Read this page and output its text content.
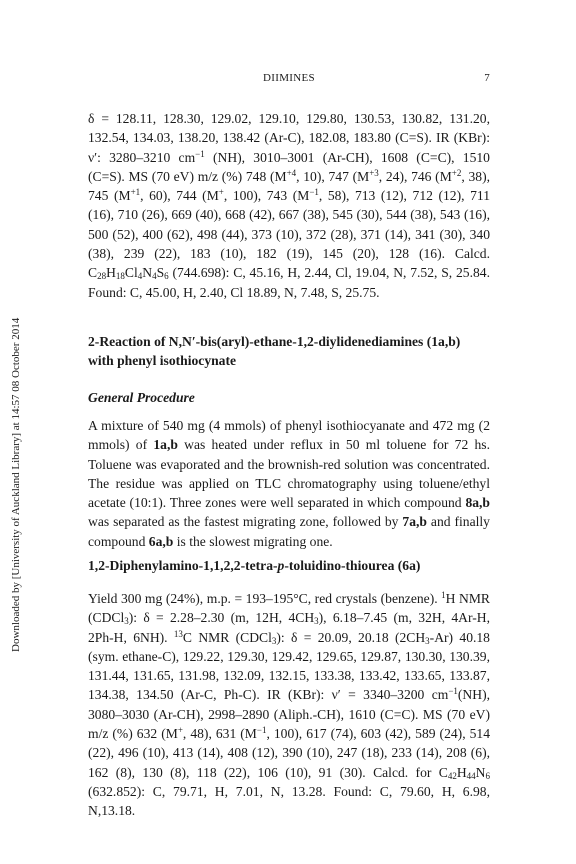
DIIMINES	7
Downloaded by [University of Auckland Library] at 14:57 08 October 2014

δ = 128.11, 128.30, 129.02, 129.10, 129.80, 130.53, 130.82, 131.20, 132.54, 134.03, 138.20, 138.42 (Ar-C), 182.08, 183.80 (C=S). IR (KBr): ν′: 3280–3210 $cm^{-1}$ (NH), 3010–3001 (Ar-CH), 1608 (C=C), 1510 (C=S). MS (70 eV) m/z (%) 748 ($M^{+4}$, 10), 747 ($M^{+3}$, 24), 746 ($M^{+2}$, 38), 745 ($M^{+1}$, 60), 744 (M+, 100), 743 ($M^{-1}$, 58), 713 (12), 712 (12), 711 (16), 710 (26), 669 (40), 668 (42), 667 (38), 545 (30), 544 (38), 543 (16), 500 (52), 400 (62), 498 (44), 373 (10), 372 (28), 371 (14), 341 (30), 340 (38), 239 (22), 183 (10), 182 (19), 145 (20), 128 (16). Calcd. $C_{28}H_{18}Cl_4N_4S_6$ (744.698): C, 45.16, H, 2.44, Cl, 19.04, N, 7.52, S, 25.84. Found: C, 45.00, H, 2.40, Cl 18.89, N, 7.48, S, 25.75.

2-Reaction of N,N′-bis(aryl)-ethane-1,2-diylidenediamines (1a,b)
with phenyl isothiocynate
General Procedure

A mixture of 540 mg (4 mmols) of phenyl isothiocyanate and 472 mg (2 mmols) of 1a,b was heated under reflux in 50 ml toluene for 72 hs. Toluene was evaporated and the brownish-red solution was concentrated. The residue was applied on TLC chromatography using toluene/ethyl acetate (10:1). Three zones were well separated in which compound 8a,b was separated as the fastest migrating zone, followed by 7a,b and finally compound 6a,b is the slowest migrating one.

1,2-Diphenylamino-1,1,2,2-tetra-p-toluidino-thiourea (6a)

Yield 300 mg (24%), m.p. = 193–195°C, red crystals (benzene). $^1$H NMR (CDCl$_3$): δ = 2.28–2.30 (m, 12H, $4CH_3$), 6.18–7.45 (m, 32H, 4Ar-H, 2Ph-H, 6NH). $^{13}$C NMR (CDCl$_3$): δ = 20.09, 20.18 $(2CH_3-Ar)$ 40.18 (sym. ethane-C), 129.22, 129.30, 129.42, 129.65, 129.87, 130.30, 130.39, 131.44, 131.65, 131.98, 132.09, 132.15, 133.38, 133.42, 133.65, 133.87, 134.38, 134.50 (Ar-C, Ph-C). IR (KBr): ν′ = 3340–3200 $cm^{-1}(NH)$, 3080–3030 (Ar-CH), 2998–2890 (Aliph.-CH), 1610 (C=C). MS (70 eV) m/z (%) 632 (M+, 48), 631 ($M^{-1}$, 100), 617 (74), 603 (42), 589 (24), 514 (22), 496 (10), 413 (14), 408 (12), 390 (10), 247 (18), 233 (14), 208 (6), 162 (8), 130 (8), 118 (22), 106 (10), 91 (30). Calcd. for $C_{42}H_{44}N_6$ (632.852): C, 79.71, H, 7.01, N, 13.28. Found: C, 79.60, H, 6.98, N,13.18.
